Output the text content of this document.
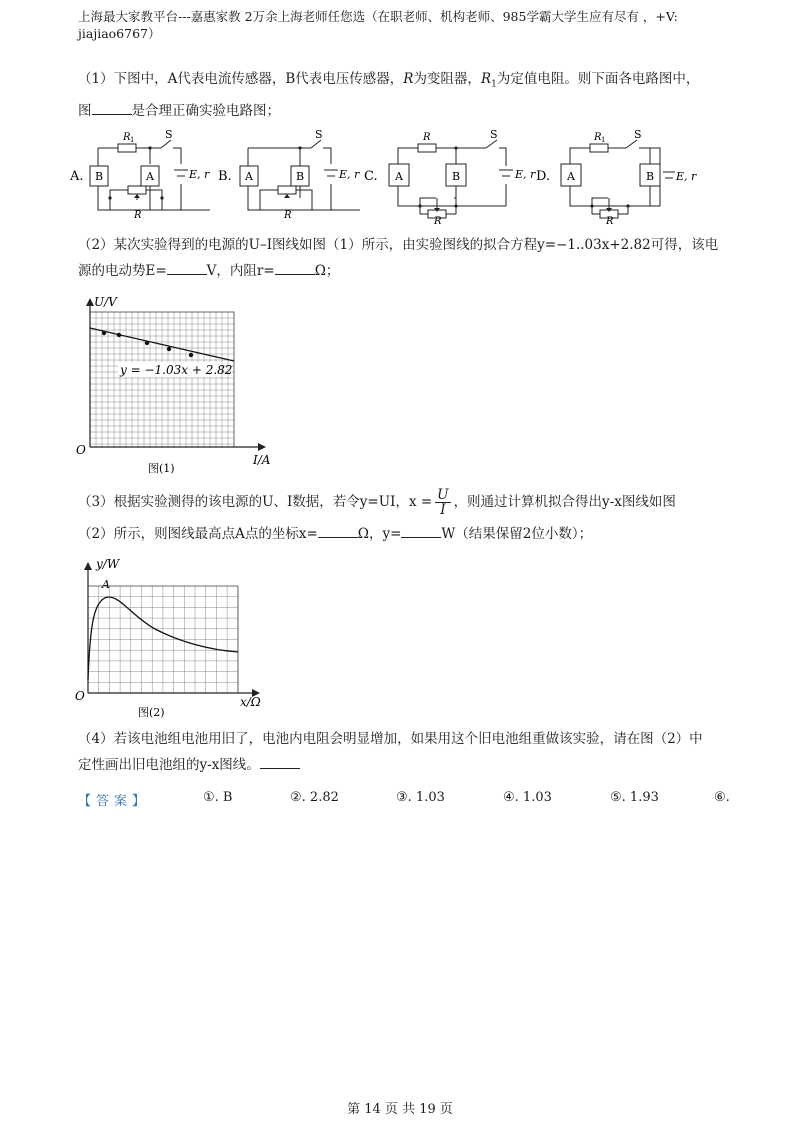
上海最大家教平台---嘉惠家教 2万余上海老师任您选（在职老师、机构老师、985学霸大学生应有尽有 ，+V:
jiajiao6767）
（1）下图中，A代表电流传感器，B代表电压传感器，R为变阻器，$R_1$为定值电阻。则下面各电路图中，
图	是合理正确实验电路图；
A. B	A
R 1	S
E, r
R
B. A	B
S
E, r
R
C. A	B
R	S
E, r
R
D. A	B
R 1	S
E, r
R
（2）某次实验得到的电源的U–I图线如图（1）所示，由实验图线的拟合方程y=−1..03x+2.82可得，该电
源的电动势E=	V，内阻r=	Ω；
y = −1.03x + 2.82
U/V
I/A
O
图(1)
（3）根据实验测得的该电源的U、I数据，若令y=UI，$x = \frac{U}{I}$ ，则通过计算机拟合得出y-x图线如图
（2）所示，则图线最高点A点的坐标x=	Ω，y=	W（结果保留2位小数）；
A
y/W
x/Ω
O
图(2)
（4）若该电池组电池用旧了，电池内电阻会明显增加，如果用这个旧电池组重做该实验，请在图（2）中
定性画出旧电池组的y-x图线。
【答案】	①. B	②. 2.82	③. 1.03	④. 1.03	⑤. 1.93	⑥.
第 14 页 共 19 页
